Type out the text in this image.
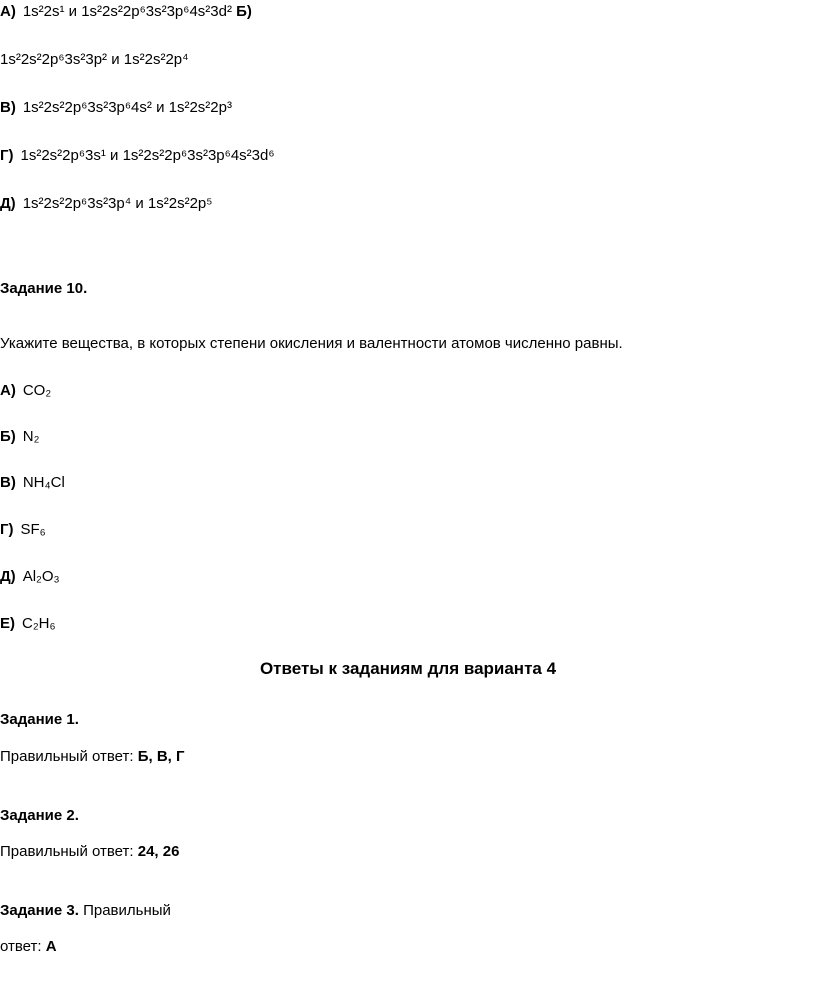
А) 1s²2s¹ и 1s²2s²2p⁶3s²3p⁶4s²3d² Б)
1s²2s²2p⁶3s²3p² и 1s²2s²2p⁴
В) 1s²2s²2p⁶3s²3p⁶4s² и 1s²2s²2p³
Г) 1s²2s²2p⁶3s¹ и 1s²2s²2p⁶3s²3p⁶4s²3d⁶
Д) 1s²2s²2p⁶3s²3p⁴ и 1s²2s²2p⁵
Задание 10.
Укажите вещества, в которых степени окисления и валентности атомов численно равны.
А) CO₂
Б) N₂
В) NH₄Cl
Г) SF₆
Д) Al₂O₃
Е) C₂H₆
Ответы к заданиям для варианта 4
Задание 1.
Правильный ответ: Б, В, Г
Задание 2.
Правильный ответ: 24, 26
Задание 3. Правильный
ответ: А
